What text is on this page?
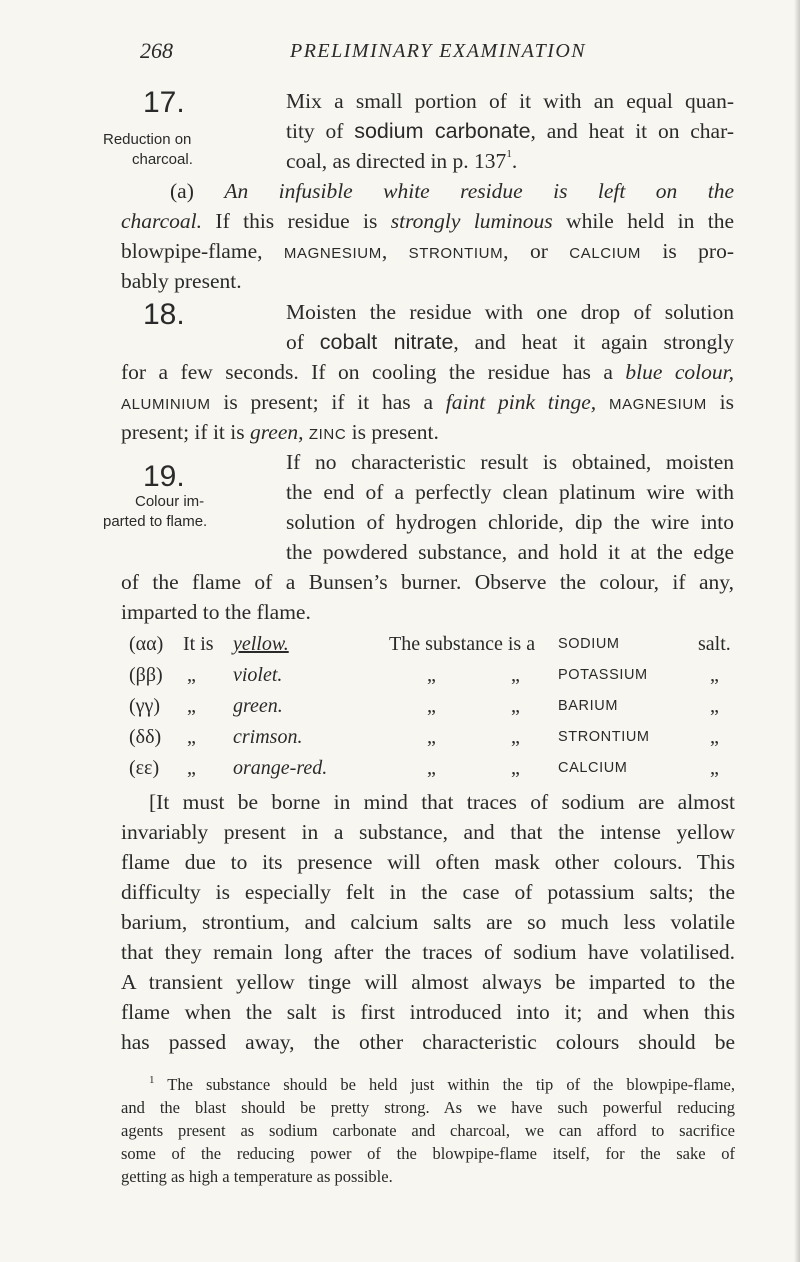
268	PRELIMINARY EXAMINATION
17.
Reduction on
charcoal.
Mix a small portion of it with an equal quan-
tity of sodium carbonate, and heat it on char-
coal, as directed in p. $137^1$.
(a) An infusible white residue is left on the
charcoal. If this residue is strongly luminous while held in the
blowpipe-flame, MAGNESIUM, STRONTIUM, or CALCIUM is pro-
bably present.
18.	Moisten the residue with one drop of solution
of cobalt nitrate, and heat it again strongly
for a few seconds. If on cooling the residue has a blue colour,
ALUMINIUM is present; if it has a faint pink tinge, MAGNESIUM is
present; if it is green, ZINC is present.
19.
Colour im-
parted to flame.
If no characteristic result is obtained, moisten
the end of a perfectly clean platinum wire with
solution of hydrogen chloride, dip the wire into
the powdered substance, and hold it at the edge
of the flame of a Bunsen’s burner. Observe the colour, if any,
imparted to the flame.
(αα) It is yellow.	The substance is a SODIUM	salt.
(ββ) „ violet.	„	„	POTASSIUM	„
(γγ) „ green.	„	„	BARIUM	„
(δδ) „ crimson.	„	„	STRONTIUM	„
(εε) „ orange-red.	„	„	CALCIUM	„
[It must be borne in mind that traces of sodium are almost
invariably present in a substance, and that the intense yellow
flame due to its presence will often mask other colours. This
difficulty is especially felt in the case of potassium salts; the
barium, strontium, and calcium salts are so much less volatile
that they remain long after the traces of sodium have volatilised.
A transient yellow tinge will almost always be imparted to the
flame when the salt is first introduced into it; and when this
has passed away, the other characteristic colours should be
$^1$ The substance should be held just within the tip of the blowpipe-flame,
and the blast should be pretty strong. As we have such powerful reducing
agents present as sodium carbonate and charcoal, we can afford to sacrifice
some of the reducing power of the blowpipe-flame itself, for the sake of
getting as high a temperature as possible.
